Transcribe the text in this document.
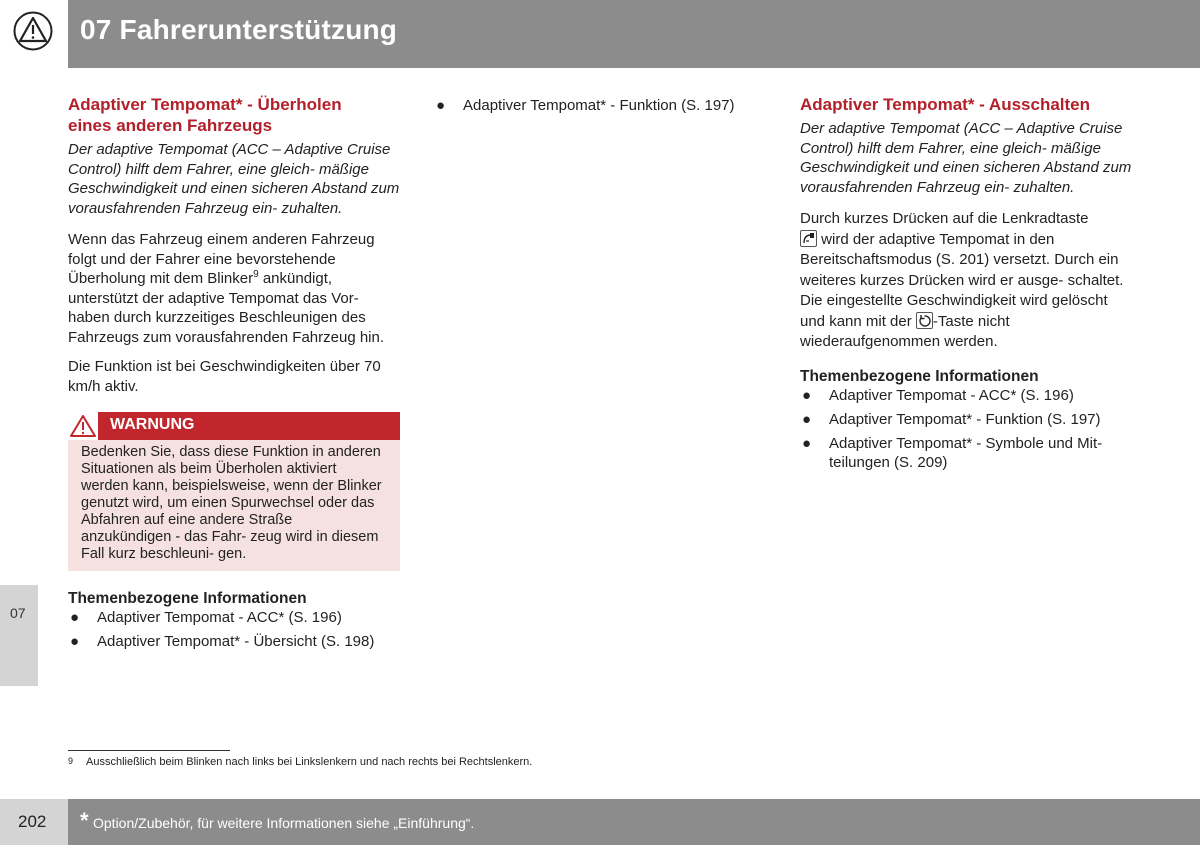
07 Fahrerunterstützung
07
Adaptiver Tempomat* - Überholen
eines anderen Fahrzeugs

Der adaptive Tempomat (ACC – Adaptive Cruise Control) hilft dem Fahrer, eine gleich- mäßige Geschwindigkeit und einen sicheren Abstand zum vorausfahrenden Fahrzeug ein- zuhalten.

Wenn das Fahrzeug einem anderen Fahrzeug folgt und der Fahrer eine bevorstehende Überholung mit dem Blinker$^9$ ankündigt, unterstützt der adaptive Tempomat das Vor- haben durch kurzzeitiges Beschleunigen des Fahrzeugs zum vorausfahrenden Fahrzeug hin.

Die Funktion ist bei Geschwindigkeiten über 70 km/h aktiv.

WARNUNG

Bedenken Sie, dass diese Funktion in anderen Situationen als beim Überholen aktiviert werden kann, beispielsweise, wenn der Blinker genutzt wird, um einen Spurwechsel oder das Abfahren auf eine andere Straße anzukündigen - das Fahr- zeug wird in diesem Fall kurz beschleuni- gen.

Themenbezogene Informationen
● Adaptiver Tempomat - ACC* (S. 196)
● Adaptiver Tempomat* - Übersicht (S. 198)
● Adaptiver Tempomat* - Funktion (S. 197)	Adaptiver Tempomat* - Ausschalten

Der adaptive Tempomat (ACC – Adaptive Cruise Control) hilft dem Fahrer, eine gleich- mäßige Geschwindigkeit und einen sicheren Abstand zum vorausfahrenden Fahrzeug ein- zuhalten.

Durch kurzes Drücken auf die Lenkradtaste

wird der adaptive Tempomat in den Bereitschaftsmodus (S. 201) versetzt. Durch ein weiteres kurzes Drücken wird er ausge- schaltet. Die eingestellte Geschwindigkeit wird gelöscht und kann mit der
-Taste nicht wiederaufgenommen werden.

Themenbezogene Informationen
● Adaptiver Tempomat - ACC* (S. 196)
● Adaptiver Tempomat* - Funktion (S. 197)
● Adaptiver Tempomat* - Symbole und Mit- teilungen (S. 209)
9 Ausschließlich beim Blinken nach links bei Linkslenkern und nach rechts bei Rechtslenkern.
202 * Option/Zubehör, für weitere Informationen siehe „Einführung“.
